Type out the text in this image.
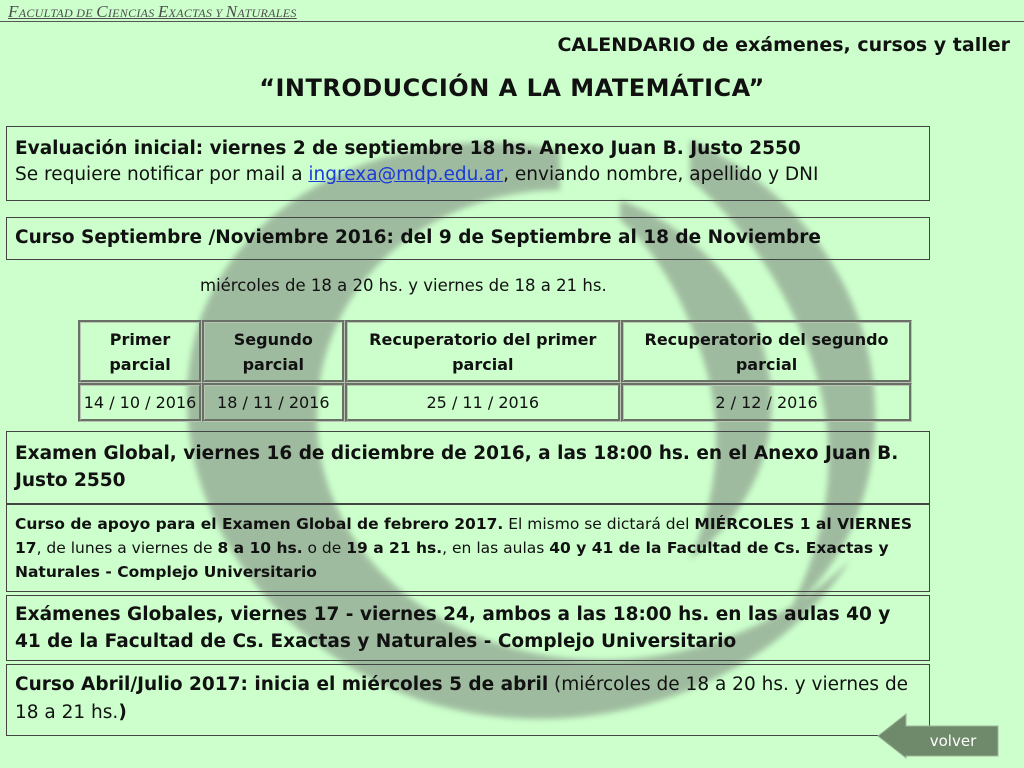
FACULTAD DE CIENCIAS EXACTAS Y NATURALES
CALENDARIO de exámenes, cursos y taller
“INTRODUCCIÓN A LA MATEMÁTICA”
Evaluación inicial: viernes 2 de septiembre 18 hs. Anexo Juan B. Justo 2550
Se requiere notificar por mail a ingrexa@mdp.edu.ar, enviando nombre, apellido y DNI
Curso Septiembre /Noviembre 2016: del 9 de Septiembre al 18 de Noviembre
miércoles de 18 a 20 hs. y viernes de 18 a 21 hs.
Primer parcial	Segundo parcial	Recuperatorio del primer parcial	Recuperatorio del segundo parcial
14 / 10 / 2016	18 / 11 / 2016	25 / 11 / 2016	2 / 12 / 2016
Examen Global, viernes 16 de diciembre de 2016, a las 18:00 hs. en el Anexo Juan B. Justo 2550
Curso de apoyo para el Examen Global de febrero 2017. El mismo se dictará del MIÉRCOLES 1 al VIERNES 17, de lunes a viernes de 8 a 10 hs. o de 19 a 21 hs., en las aulas 40 y 41 de la Facultad de Cs. Exactas y Naturales - Complejo Universitario
Exámenes Globales, viernes 17 - viernes 24, ambos a las 18:00 hs. en las aulas 40 y 41 de la Facultad de Cs. Exactas y Naturales - Complejo Universitario
Curso Abril/Julio 2017: inicia el miércoles 5 de abril (miércoles de 18 a 20 hs. y viernes de 18 a 21 hs.)
volver
